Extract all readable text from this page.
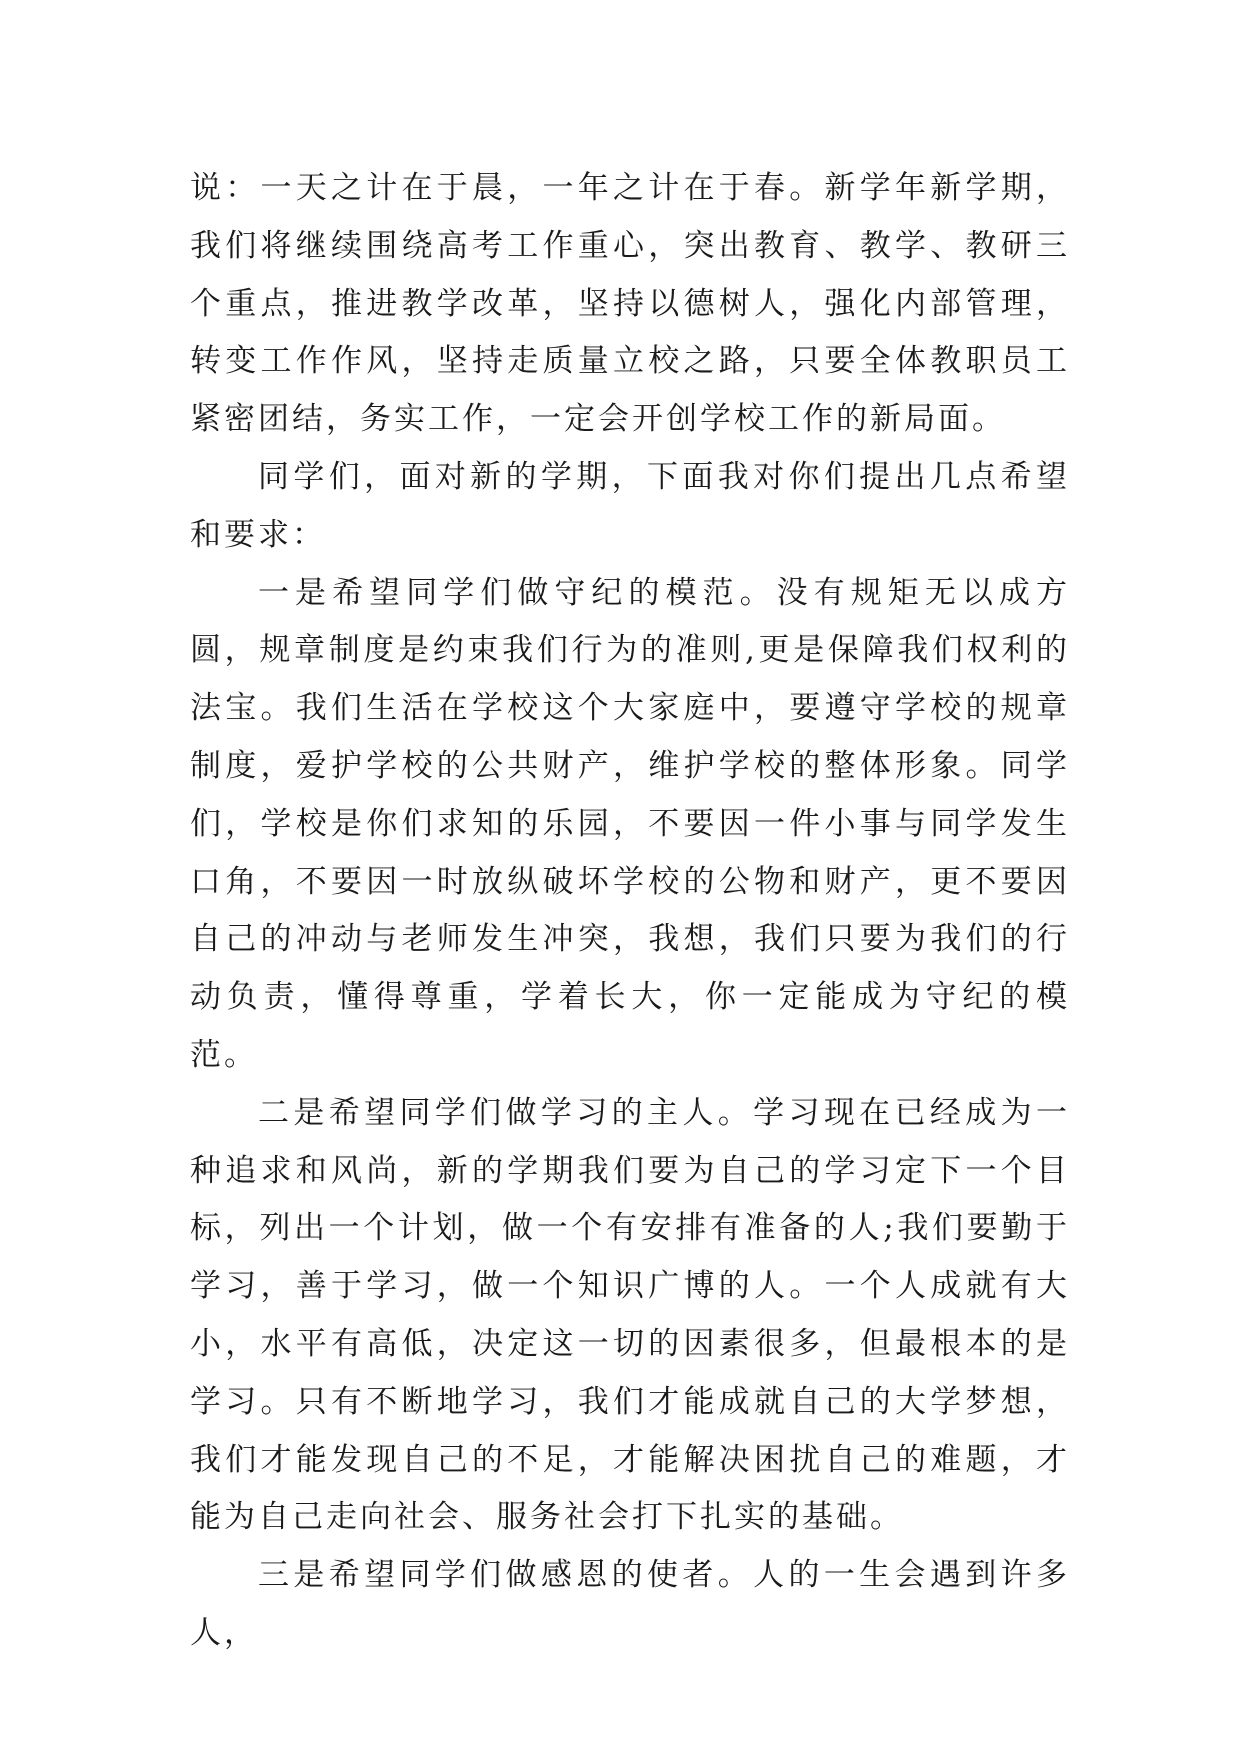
说：一天之计在于晨，一年之计在于春。新学年新学期，我们将继续围绕高考工作重心，突出教育、教学、教研三个重点，推进教学改革，坚持以德树人，强化内部管理，转变工作作风，坚持走质量立校之路，只要全体教职员工紧密团结，务实工作，一定会开创学校工作的新局面。

同学们，面对新的学期，下面我对你们提出几点希望和要求：

一是希望同学们做守纪的模范。没有规矩无以成方圆，规章制度是约束我们行为的准则,更是保障我们权利的法宝。我们生活在学校这个大家庭中，要遵守学校的规章制度，爱护学校的公共财产，维护学校的整体形象。同学们，学校是你们求知的乐园，不要因一件小事与同学发生口角，不要因一时放纵破坏学校的公物和财产，更不要因自己的冲动与老师发生冲突，我想，我们只要为我们的行动负责，懂得尊重，学着长大，你一定能成为守纪的模范。

二是希望同学们做学习的主人。学习现在已经成为一种追求和风尚，新的学期我们要为自己的学习定下一个目标，列出一个计划，做一个有安排有准备的人;我们要勤于学习，善于学习，做一个知识广博的人。一个人成就有大小，水平有高低，决定这一切的因素很多，但最根本的是学习。只有不断地学习，我们才能成就自己的大学梦想，我们才能发现自己的不足，才能解决困扰自己的难题，才能为自己走向社会、服务社会打下扎实的基础。

三是希望同学们做感恩的使者。人的一生会遇到许多人，
